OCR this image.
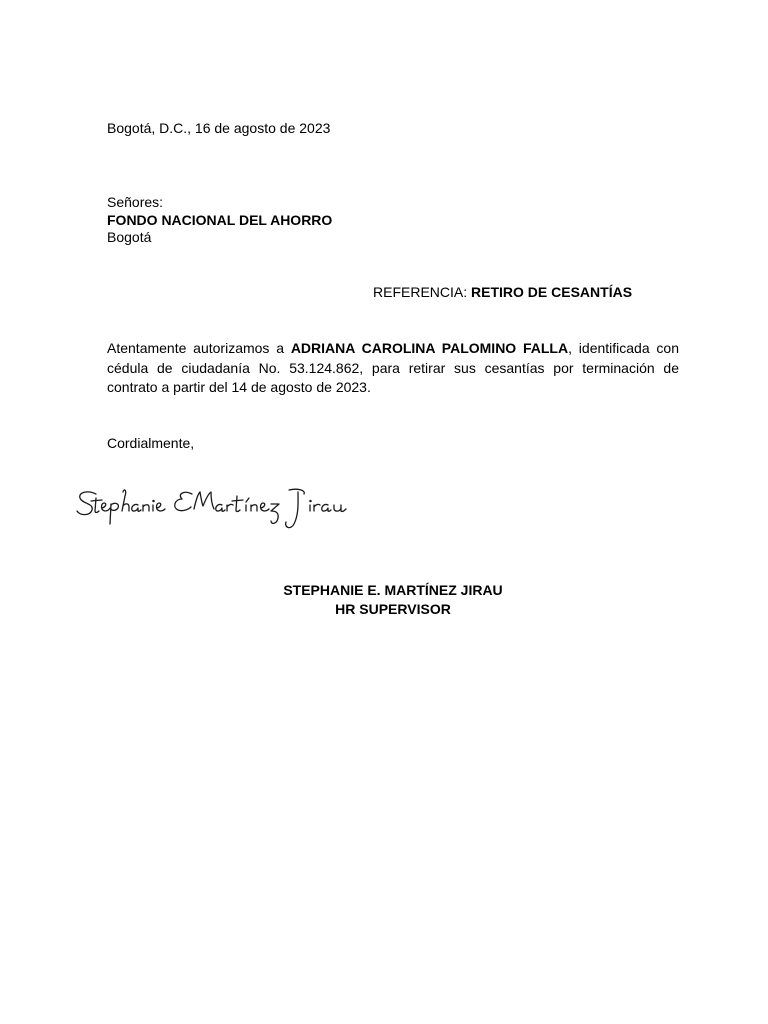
Bogotá, D.C., 16 de agosto de 2023
Señores:
FONDO NACIONAL DEL AHORRO
Bogotá
REFERENCIA: RETIRO DE CESANTÍAS
Atentamente autorizamos a ADRIANA CAROLINA PALOMINO FALLA, identificada con cédula de ciudadanía No. 53.124.862, para retirar sus cesantías por terminación de contrato a partir del 14 de agosto de 2023.
Cordialmente,
STEPHANIE E. MARTÍNEZ JIRAU
HR SUPERVISOR
